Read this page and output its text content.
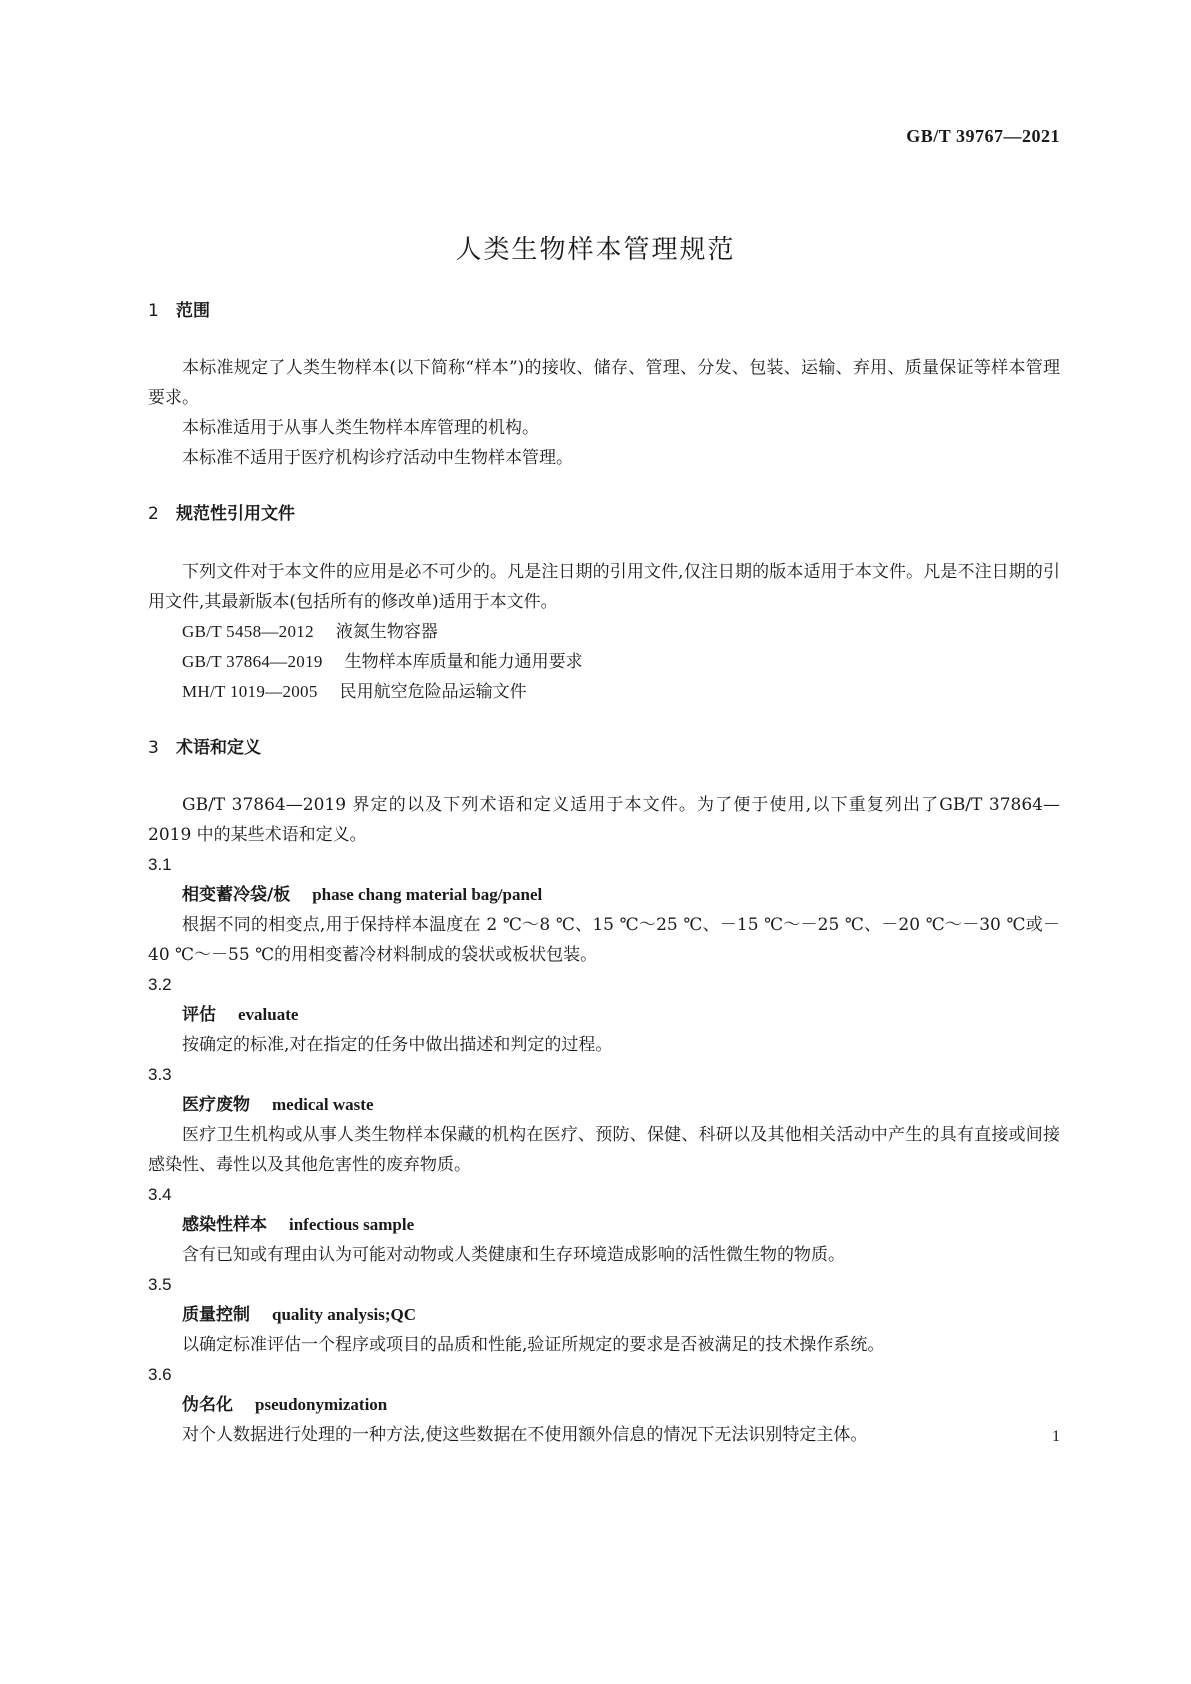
GB/T 39767—2021
人类生物样本管理规范
1 范围

本标准规定了人类生物样本(以下简称“样本”)的接收、储存、管理、分发、包装、运输、弃用、质量保证等样本管理要求。

本标准适用于从事人类生物样本库管理的机构。

本标准不适用于医疗机构诊疗活动中生物样本管理。

2 规范性引用文件

下列文件对于本文件的应用是必不可少的。凡是注日期的引用文件,仅注日期的版本适用于本文件。凡是不注日期的引用文件,其最新版本(包括所有的修改单)适用于本文件。

GB/T 5458—2012 液氮生物容器

GB/T 37864—2019 生物样本库质量和能力通用要求

MH/T 1019—2005 民用航空危险品运输文件

3 术语和定义

GB/T 37864—2019 界定的以及下列术语和定义适用于本文件。为了便于使用,以下重复列出了GB/T 37864—2019 中的某些术语和定义。

3.1

相变蓄冷袋/板 phase chang material bag/panel

根据不同的相变点,用于保持样本温度在 2 ℃～8 ℃、15 ℃～25 ℃、－15 ℃～－25 ℃、－20 ℃～－30 ℃或－40 ℃～－55 ℃的用相变蓄冷材料制成的袋状或板状包装。

3.2

评估 evaluate

按确定的标准,对在指定的任务中做出描述和判定的过程。

3.3

医疗废物 medical waste

医疗卫生机构或从事人类生物样本保藏的机构在医疗、预防、保健、科研以及其他相关活动中产生的具有直接或间接感染性、毒性以及其他危害性的废弃物质。

3.4

感染性样本 infectious sample

含有已知或有理由认为可能对动物或人类健康和生存环境造成影响的活性微生物的物质。

3.5

质量控制 quality analysis;QC

以确定标准评估一个程序或项目的品质和性能,验证所规定的要求是否被满足的技术操作系统。

3.6

伪名化 pseudonymization

对个人数据进行处理的一种方法,使这些数据在不使用额外信息的情况下无法识别特定主体。	1
